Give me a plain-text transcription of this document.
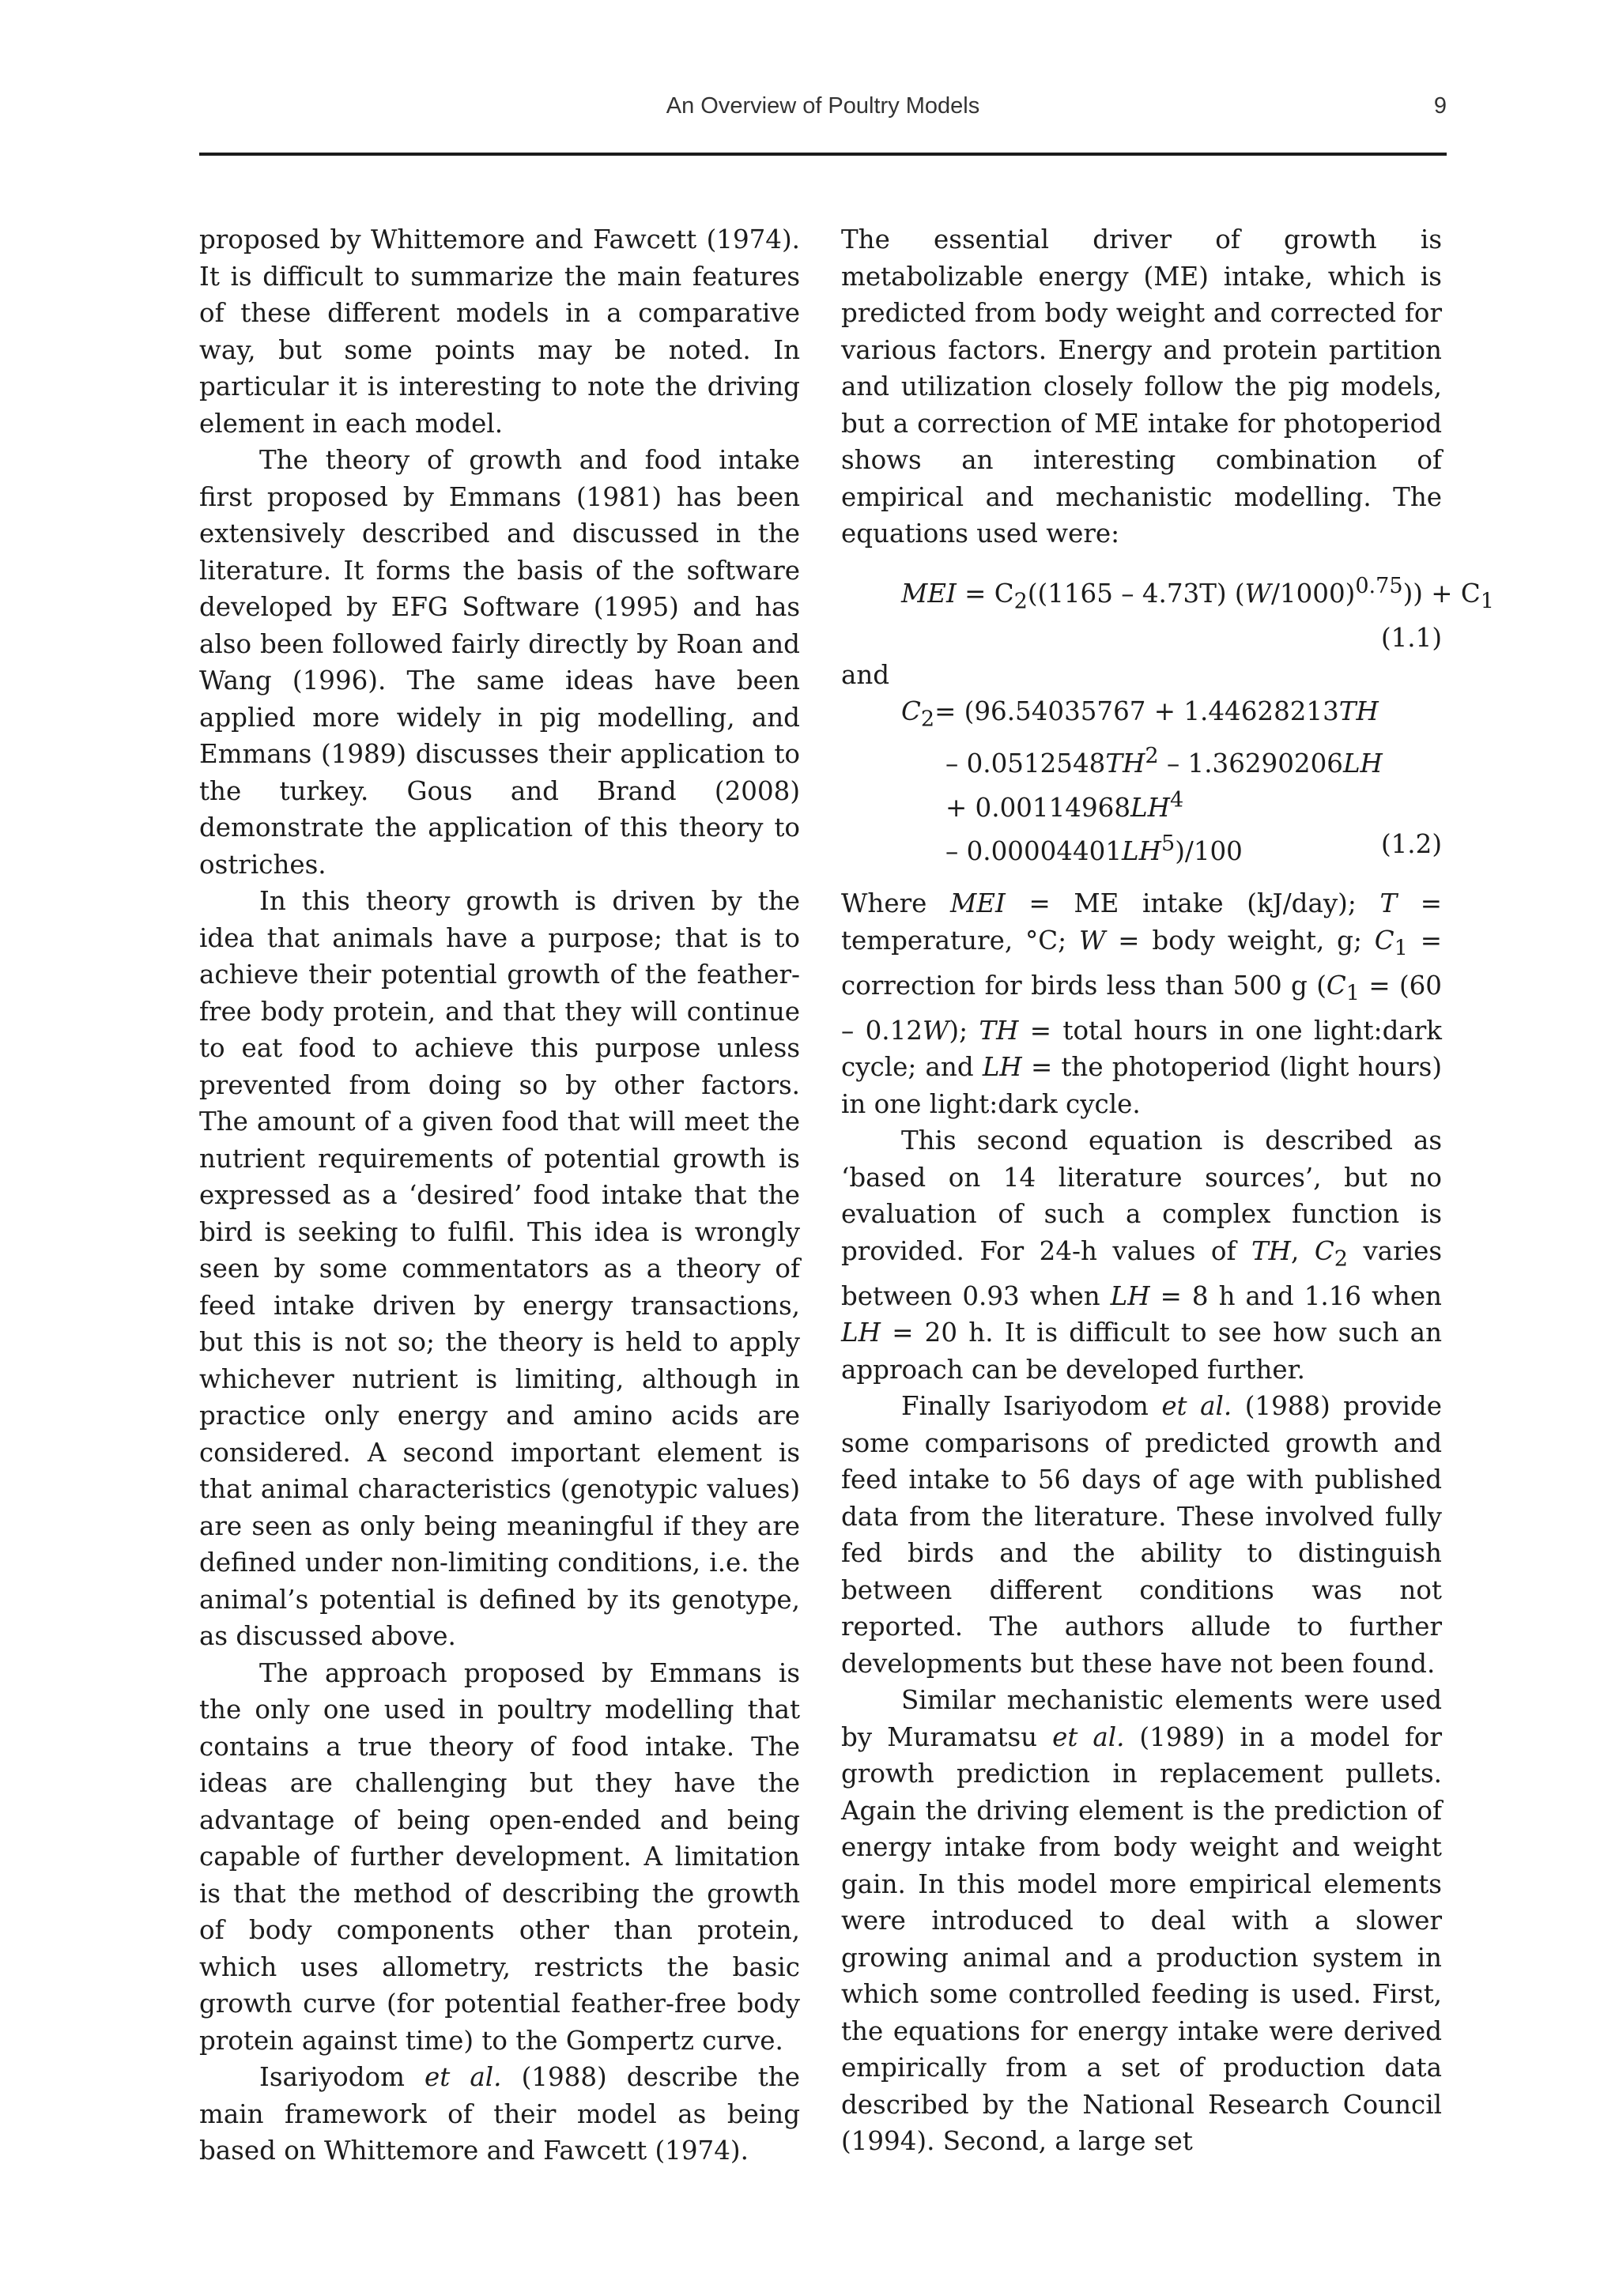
An Overview of Poultry Models	9

proposed by Whittemore and Fawcett (1974). It is difficult to summarize the main features of these different models in a comparative way, but some points may be noted. In particular it is interesting to note the driving element in each model.

The theory of growth and food intake first proposed by Emmans (1981) has been extensively described and discussed in the literature. It forms the basis of the software developed by EFG Software (1995) and has also been followed fairly directly by Roan and Wang (1996). The same ideas have been applied more widely in pig modelling, and Emmans (1989) discusses their application to the turkey. Gous and Brand (2008) demonstrate the application of this theory to ostriches.

In this theory growth is driven by the idea that animals have a purpose; that is to achieve their potential growth of the feather-free body protein, and that they will continue to eat food to achieve this purpose unless prevented from doing so by other factors. The amount of a given food that will meet the nutrient requirements of potential growth is expressed as a ‘desired’ food intake that the bird is seeking to fulfil. This idea is wrongly seen by some commentators as a theory of feed intake driven by energy transactions, but this is not so; the theory is held to apply whichever nutrient is limiting, although in practice only energy and amino acids are considered. A second important element is that animal characteristics (genotypic values) are seen as only being meaningful if they are defined under non-limiting conditions, i.e. the animal’s potential is defined by its genotype, as discussed above.

The approach proposed by Emmans is the only one used in poultry modelling that contains a true theory of food intake. The ideas are challenging but they have the advantage of being open-ended and being capable of further development. A limitation is that the method of describing the growth of body components other than protein, which uses allometry, restricts the basic growth curve (for potential feather-free body protein against time) to the Gompertz curve.

Isariyodom et al. (1988) describe the main framework of their model as being based on Whittemore and Fawcett (1974).

The essential driver of growth is metabolizable energy (ME) intake, which is predicted from body weight and corrected for various factors. Energy and protein partition and utilization closely follow the pig models, but a correction of ME intake for photoperiod shows an interesting combination of empirical and mechanistic modelling. The equations used were:

MEI = $C_2((1165 - 4.73T) (W/1000)^{0.75})) + C_1$
(1.1)

and

$C_2= (96.54035767 + 1.44628213TH$
– $0.0512548TH^2 - 1.36290206LH$
+ $0.00114968LH^4$
– $0.00004401LH^5)/100$	(1.2)

Where MEI = ME intake (kJ/day); T = temperature, °C; W = body weight, g; $C_1$ = correction for birds less than 500 g ($C_1 = (60 - 0.12W)$; TH = total hours in one light:dark cycle; and LH = the photoperiod (light hours) in one light:dark cycle.

This second equation is described as ‘based on 14 literature sources’, but no evaluation of such a complex function is provided. For 24-h values of TH, $C_2$ varies between 0.93 when LH = 8 h and 1.16 when LH = 20 h. It is difficult to see how such an approach can be developed further.

Finally Isariyodom et al. (1988) provide some comparisons of predicted growth and feed intake to 56 days of age with published data from the literature. These involved fully fed birds and the ability to distinguish between different conditions was not reported. The authors allude to further developments but these have not been found.

Similar mechanistic elements were used by Muramatsu et al. (1989) in a model for growth prediction in replacement pullets. Again the driving element is the prediction of energy intake from body weight and weight gain. In this model more empirical elements were introduced to deal with a slower growing animal and a production system in which some controlled feeding is used. First, the equations for energy intake were derived empirically from a set of production data described by the National Research Council (1994). Second, a large set
